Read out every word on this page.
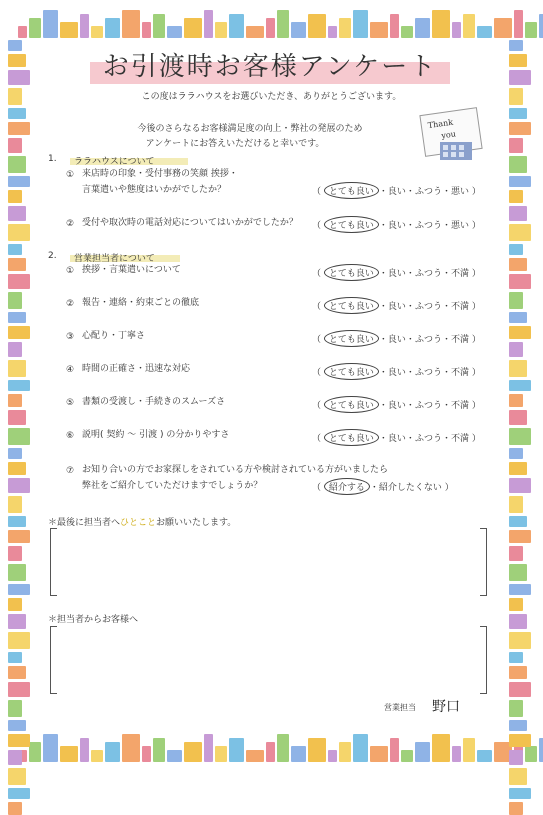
お引渡時お客様アンケート
この度はララハウスをお選びいただき、ありがとうございます。
今後のさらなるお客様満足度の向上・弊社の発展のため
アンケートにお答えいただけると幸いです。
Thank
you
1.	ララハウスについて
① 来店時の印象・受付事務の笑顔 挨拶・
言葉遣いや態度はいかがでしたか？	（ とても良い ・良い・ふつう・悪い ）
② 受付や取次時の電話対応についてはいかがでしたか？ （ とても良い ・良い・ふつう・悪い ）
2.	営業担当者について
① 挨拶・言葉遣いについて	（ とても良い ・良い・ふつう・不満 ）
② 報告・連絡・約束ごとの徹底	（ とても良い ・良い・ふつう・不満 ）
③ 心配り・丁寧さ	（ とても良い ・良い・ふつう・不満 ）
④ 時間の正確さ・迅速な対応	（ とても良い ・良い・ふつう・不満 ）
⑤ 書類の受渡し・手続きのスムーズさ	（ とても良い ・良い・ふつう・不満 ）
⑥ 説明( 契約 ～ 引渡 ) の分かりやすさ	（ とても良い ・良い・ふつう・不満 ）
⑦ お知り合いの方でお家探しをされている方や検討されている方がいましたら
弊社をご紹介していただけますでしょうか？	（ 紹介する ・紹介したくない ）
＊最後に担当者へひとことお願いいたします。
＊担当者からお客様へ
営業担当 野口
